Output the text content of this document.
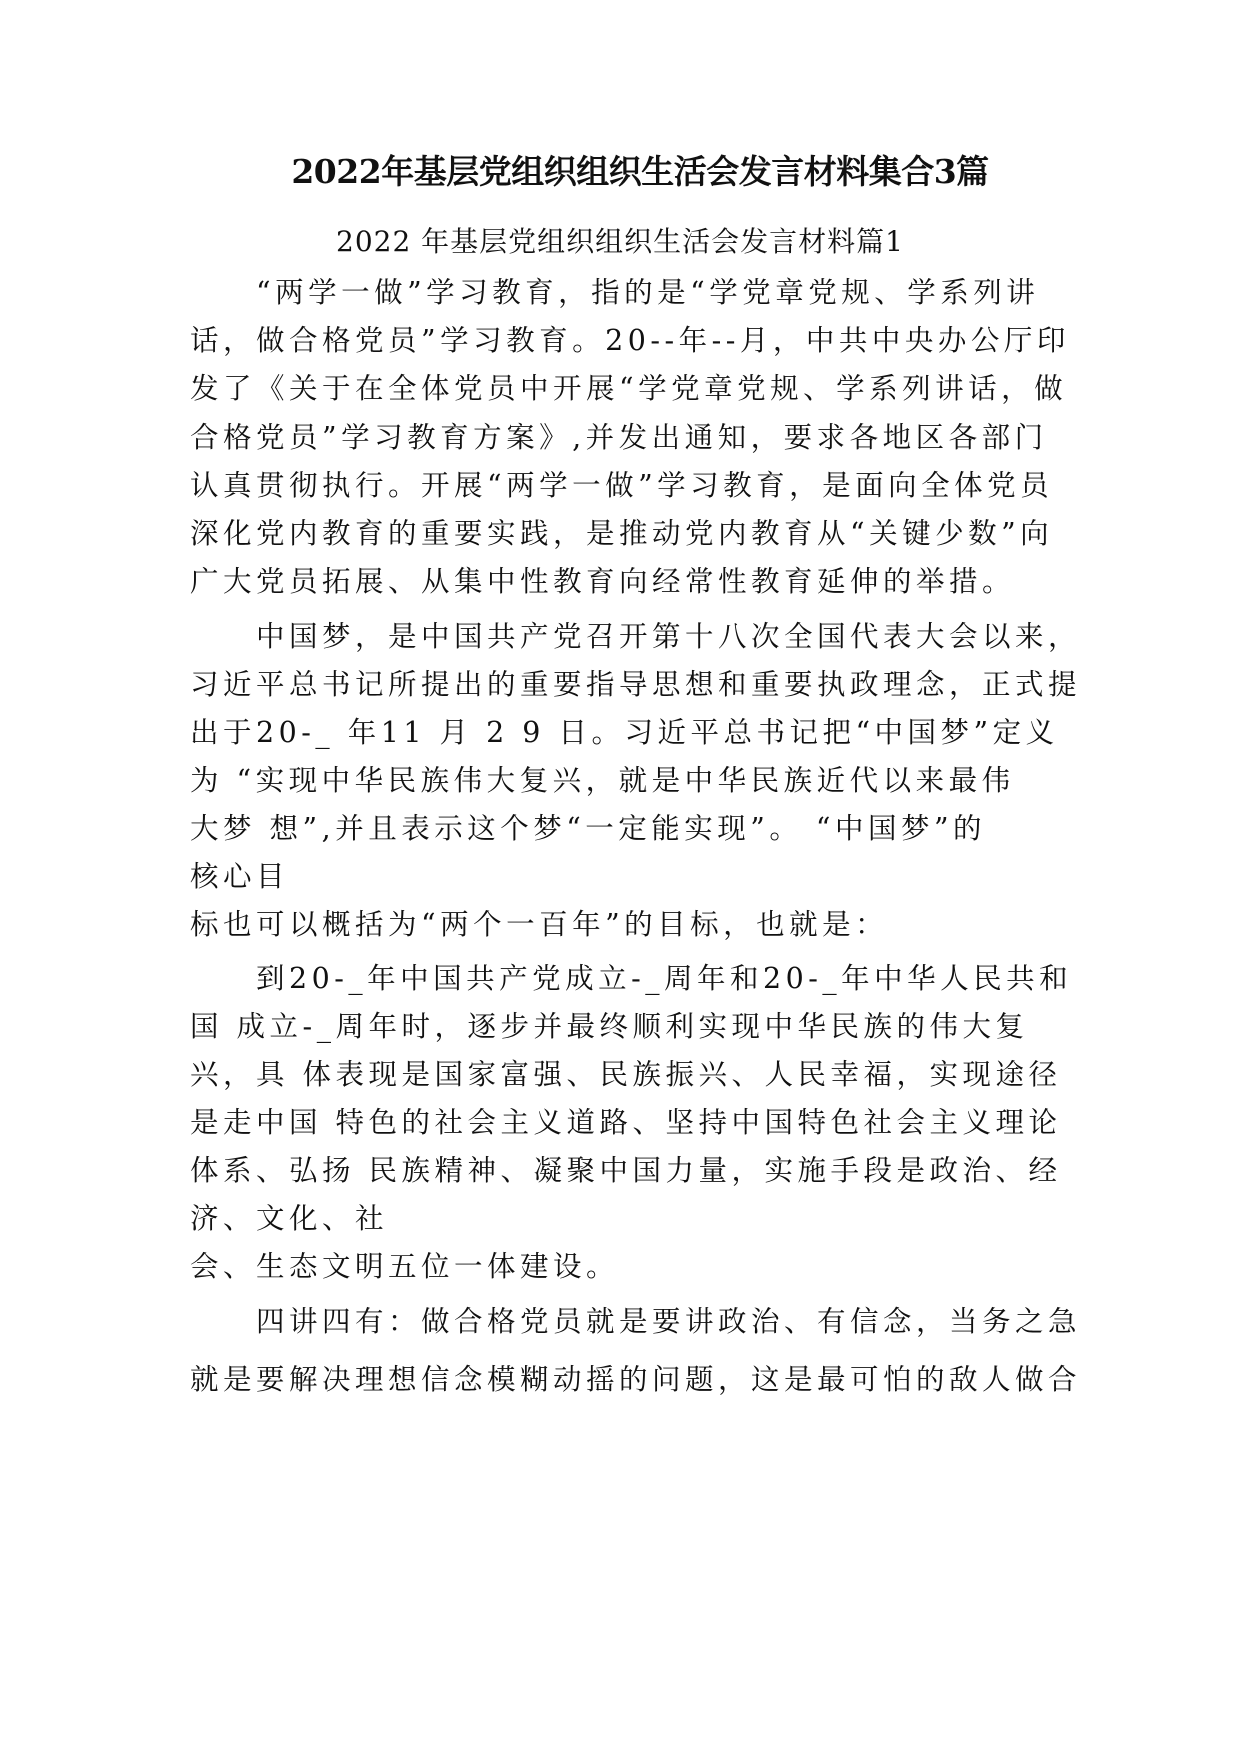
2022年基层党组织组织生活会发言材料集合3篇
2022 年基层党组织组织生活会发言材料篇1
“两学一做”学习教育，指的是“学党章党规、学系列讲
话，做合格党员”学习教育。20--年--月，中共中央办公厅印
发了《关于在全体党员中开展“学党章党规、学系列讲话，做
合格党员”学习教育方案》,并发出通知，要求各地区各部门
认真贯彻执行。开展“两学一做”学习教育，是面向全体党员
深化党内教育的重要实践，是推动党内教育从“关键少数”向
广大党员拓展、从集中性教育向经常性教育延伸的举措。
中国梦，是中国共产党召开第十八次全国代表大会以来，
习近平总书记所提出的重要指导思想和重要执政理念，正式提
出于20-_ 年11 月 2 9 日。习近平总书记把“中国梦”定义
为 “实现中华民族伟大复兴，就是中华民族近代以来最伟
大梦 想”,并且表示这个梦“一定能实现”。 “中国梦”的
核心目
标也可以概括为“两个一百年”的目标，也就是：
到20-_年中国共产党成立-_周年和20-_年中华人民共和
国 成立-_周年时，逐步并最终顺利实现中华民族的伟大复
兴，具 体表现是国家富强、民族振兴、人民幸福，实现途径
是走中国 特色的社会主义道路、坚持中国特色社会主义理论
体系、弘扬 民族精神、凝聚中国力量，实施手段是政治、经
济、文化、社
会、生态文明五位一体建设。
四讲四有：做合格党员就是要讲政治、有信念，当务之急
就是要解决理想信念模糊动摇的问题，这是最可怕的敌人做合
